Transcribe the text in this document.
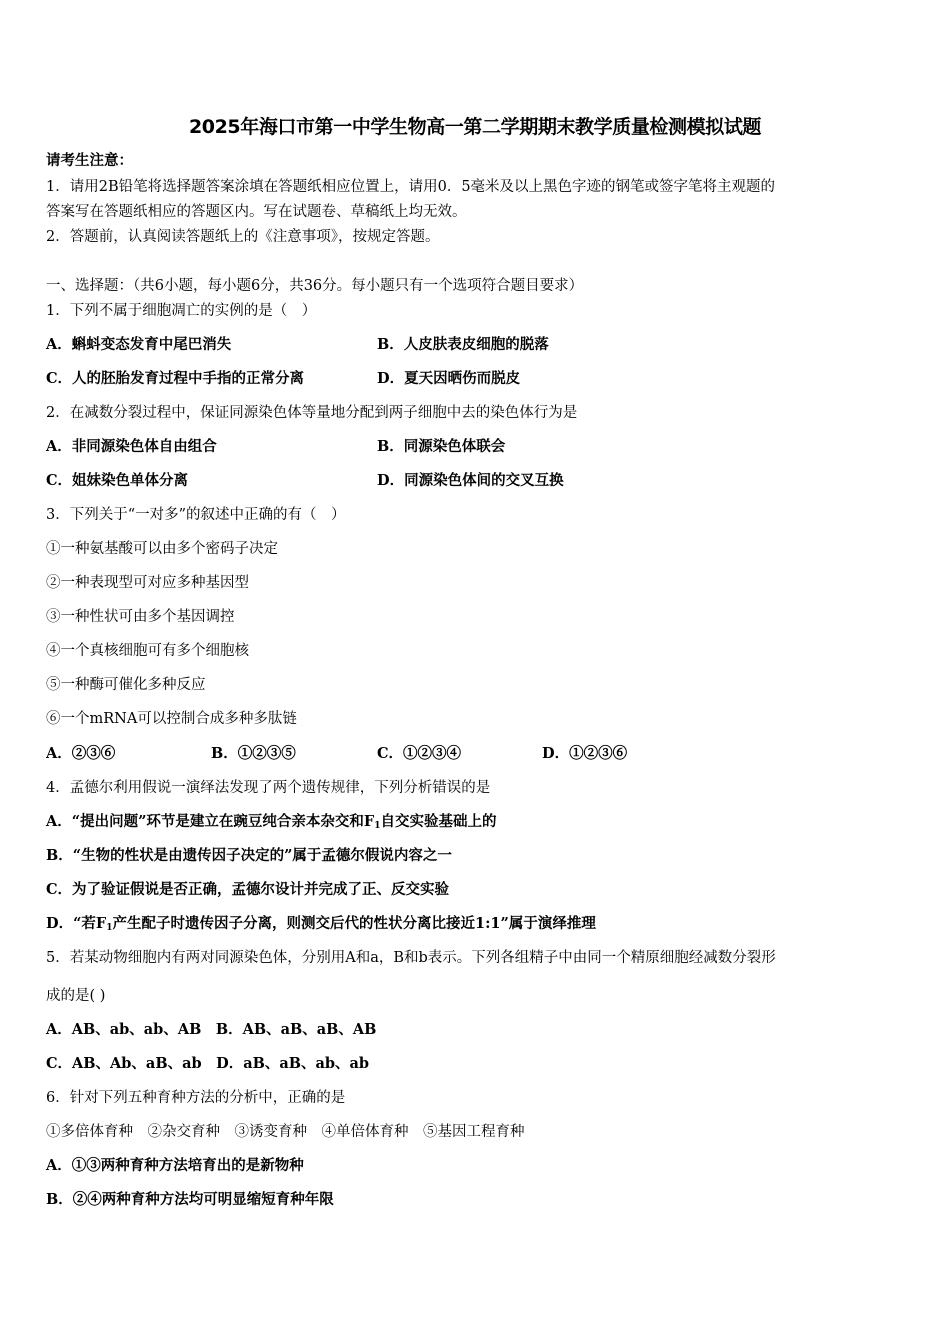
2025年海口市第一中学生物高一第二学期期末教学质量检测模拟试题
请考生注意：
1．请用2B铅笔将选择题答案涂填在答题纸相应位置上，请用0．5毫米及以上黑色字迹的钢笔或签字笔将主观题的
答案写在答题纸相应的答题区内。写在试题卷、草稿纸上均无效。
2．答题前，认真阅读答题纸上的《注意事项》，按规定答题。
一、选择题：（共6小题，每小题6分，共36分。每小题只有一个选项符合题目要求）
1．下列不属于细胞凋亡的实例的是（　）
A．蝌蚪变态发育中尾巴消失	B．人皮肤表皮细胞的脱落
C．人的胚胎发育过程中手指的正常分离	D．夏天因晒伤而脱皮
2．在减数分裂过程中，保证同源染色体等量地分配到两子细胞中去的染色体行为是
A．非同源染色体自由组合	B．同源染色体联会
C．姐妹染色单体分离	D．同源染色体间的交叉互换
3．下列关于“一对多”的叙述中正确的有（　）
①一种氨基酸可以由多个密码子决定
②一种表现型可对应多种基因型
③一种性状可由多个基因调控
④一个真核细胞可有多个细胞核
⑤一种酶可催化多种反应
⑥一个mRNA可以控制合成多种多肽链
A．②③⑥	B．①②③⑤	C．①②③④	D．①②③⑥
4．孟德尔利用假说一演绎法发现了两个遗传规律，下列分析错误的是
A．“提出问题”环节是建立在豌豆纯合亲本杂交和$F_1$自交实验基础上的
B．“生物的性状是由遗传因子决定的”属于孟德尔假说内容之一
C．为了验证假说是否正确，孟德尔设计并完成了正、反交实验
D．“若$F_1$产生配子时遗传因子分离，则测交后代的性状分离比接近1:1”属于演绎推理
5．若某动物细胞内有两对同源染色体，分别用A和a，B和b表示。下列各组精子中由同一个精原细胞经减数分裂形
成的是( )
A．AB、ab、ab、AB　B．AB、aB、aB、AB
C．AB、Ab、aB、ab　D．aB、aB、ab、ab
6．针对下列五种育种方法的分析中，正确的是
①多倍体育种　②杂交育种　③诱变育种　④单倍体育种　⑤基因工程育种
A．①③两种育种方法培育出的是新物种
B．②④两种育种方法均可明显缩短育种年限
